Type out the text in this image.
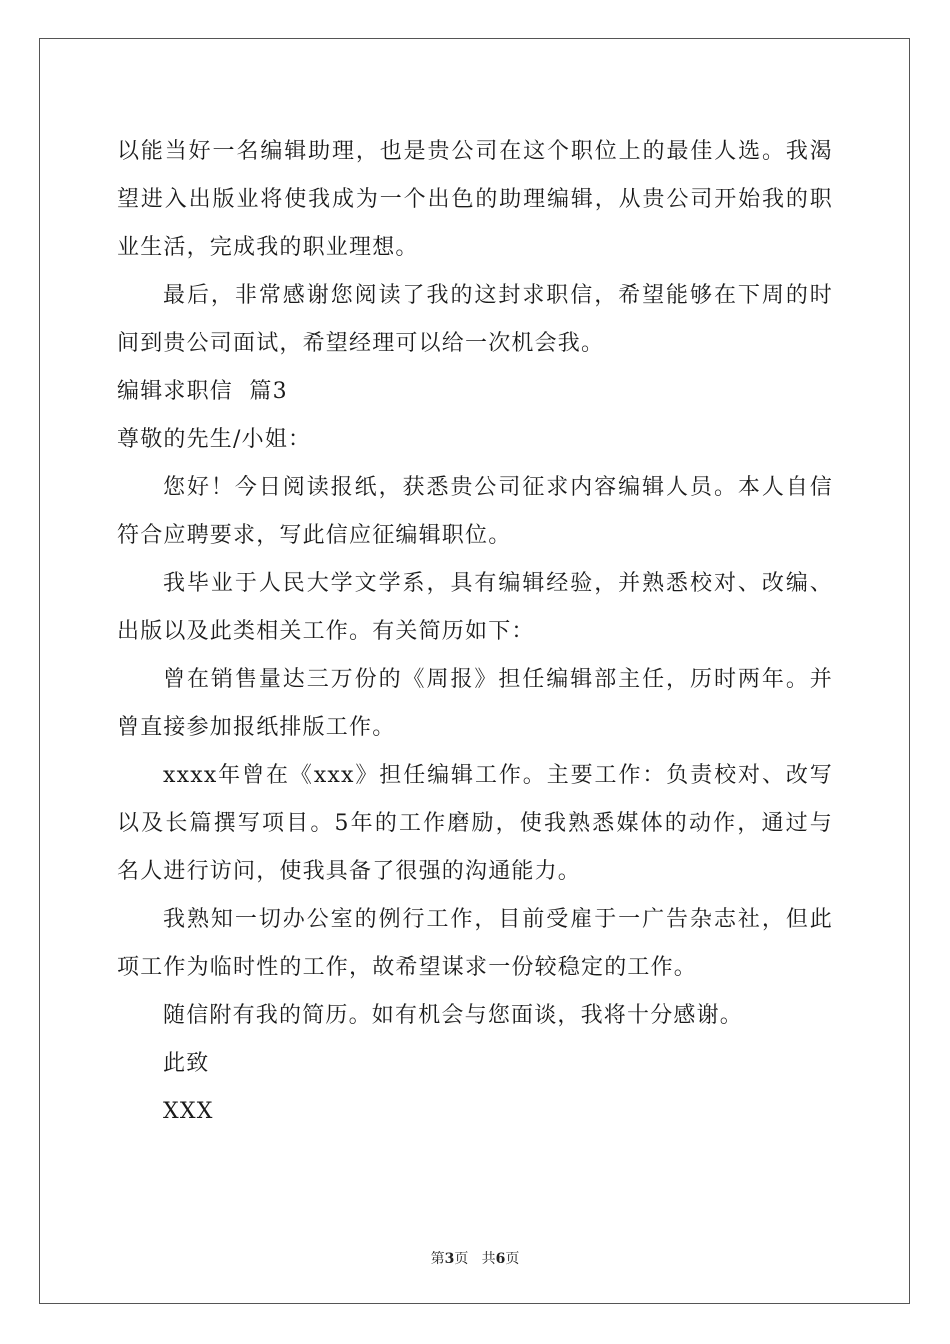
以能当好一名编辑助理，也是贵公司在这个职位上的最佳人选。我渴
望进入出版业将使我成为一个出色的助理编辑，从贵公司开始我的职
业生活，完成我的职业理想。
最后，非常感谢您阅读了我的这封求职信，希望能够在下周的时
间到贵公司面试，希望经理可以给一次机会我。
编辑求职信  篇3
尊敬的先生/小姐：
您好！今日阅读报纸，获悉贵公司征求内容编辑人员。本人自信
符合应聘要求，写此信应征编辑职位。
我毕业于人民大学文学系，具有编辑经验，并熟悉校对、改编、
出版以及此类相关工作。有关简历如下：
曾在销售量达三万份的《周报》担任编辑部主任，历时两年。并
曾直接参加报纸排版工作。
xxxx年曾在《xxx》担任编辑工作。主要工作：负责校对、改写
以及长篇撰写项目。5年的工作磨励，使我熟悉媒体的动作，通过与
名人进行访问，使我具备了很强的沟通能力。
我熟知一切办公室的例行工作，目前受雇于一广告杂志社，但此
项工作为临时性的工作，故希望谋求一份较稳定的工作。
随信附有我的简历。如有机会与您面谈，我将十分感谢。
此致
XXX
第3页 共6页
